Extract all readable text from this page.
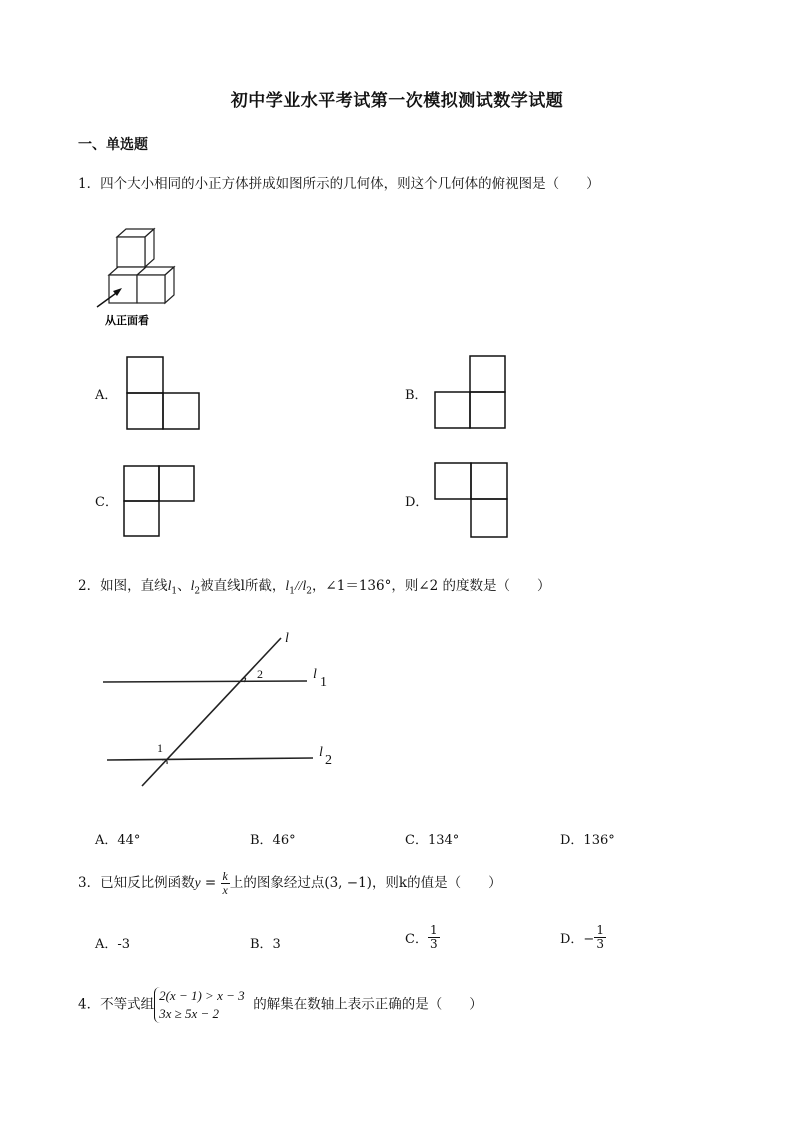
初中学业水平考试第一次模拟测试数学试题
一、单选题
1．四个大小相同的小正方体拼成如图所示的几何体，则这个几何体的俯视图是（　　）
从正面看
A．	B．
C．	D．
2．如图，直线$l_1$、$l_2$被直线l所截，$l_1//l_2$，∠1＝136°，则∠2 的度数是（　　）
l
l
1
l
2
2
1
A．44°	B．46°	C．134°	D．136°
3．已知反比例函数$y = \frac{k}{x}$ 上的图象经过点(3, −1)，则k的值是（　　）
A．-3	B．3	C． $\frac{1}{3}$	D．− $\frac{1}{3}$
4．不等式组
2(x − 1) > x − 3
3x ≥ 5x − 2
的解集在数轴上表示正确的是（　　）
